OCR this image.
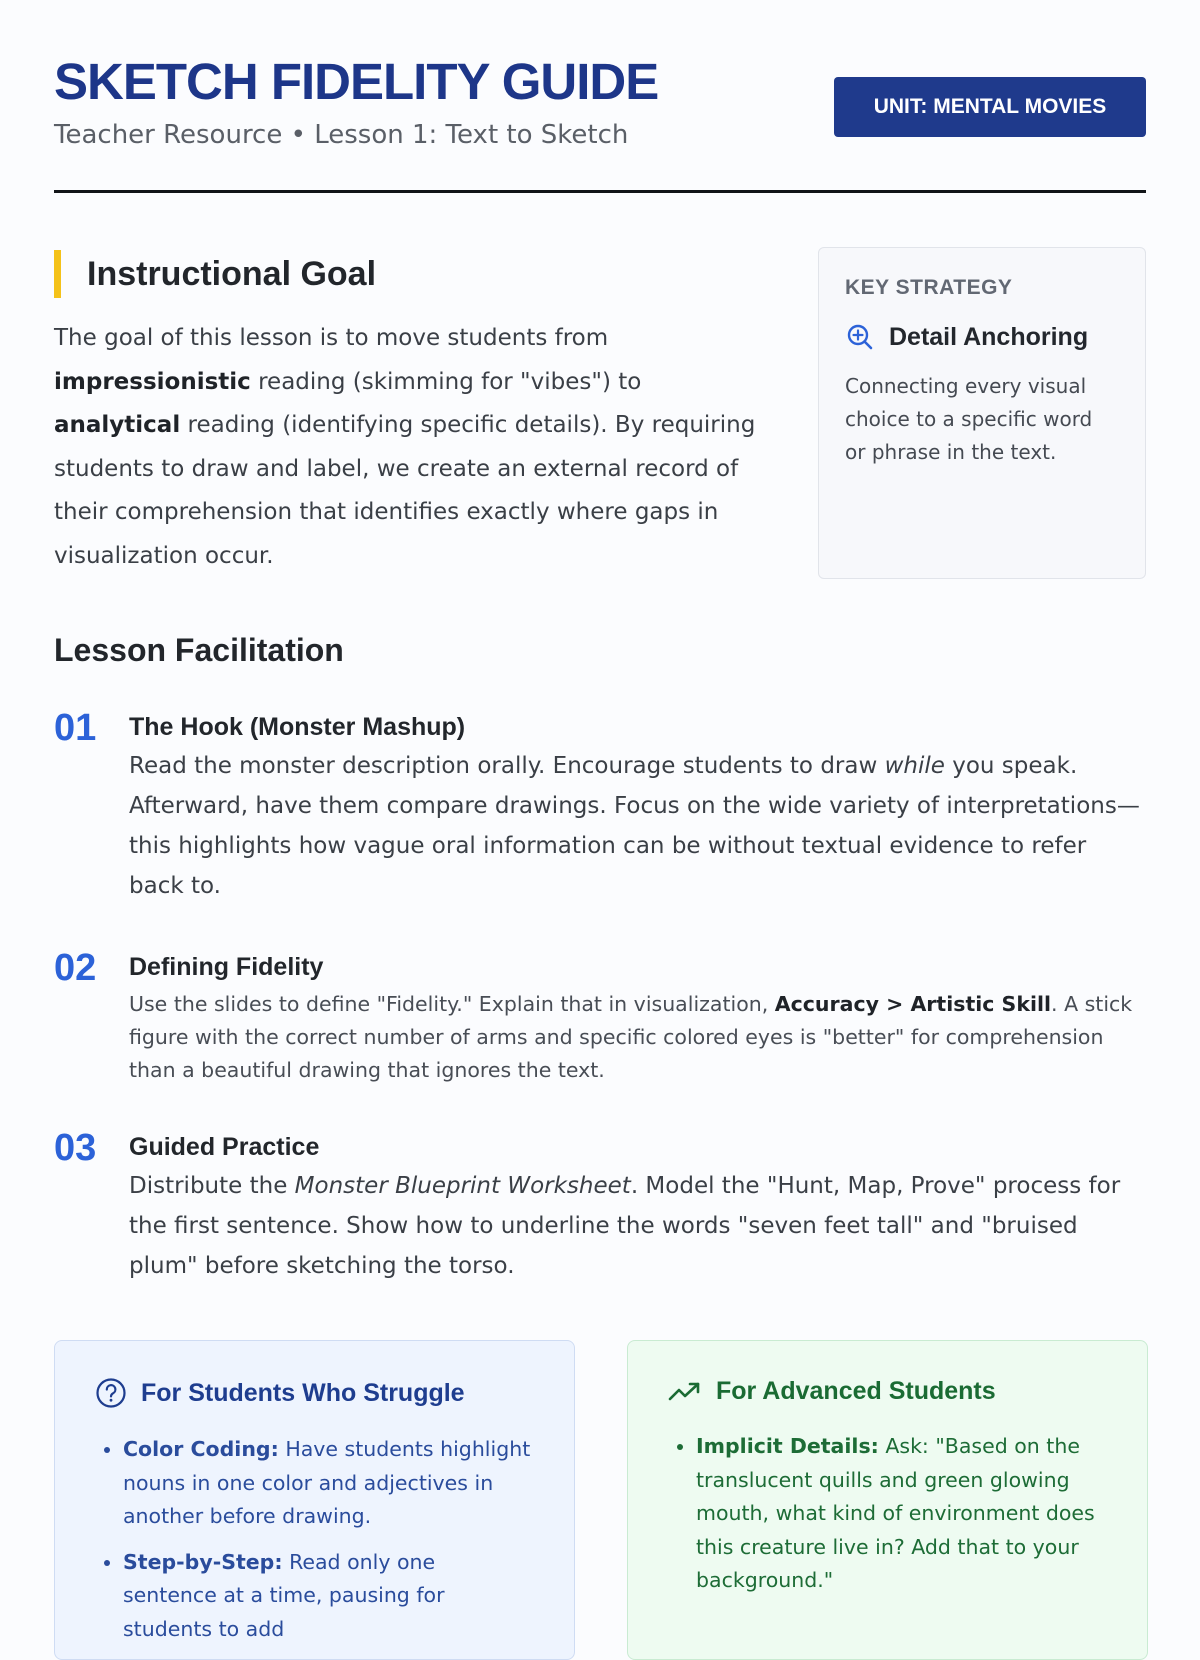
SKETCH FIDELITY GUIDE
Teacher Resource • Lesson 1: Text to Sketch
UNIT: MENTAL MOVIES
Instructional Goal

The goal of this lesson is to move students from impressionistic reading (skimming for "vibes") to analytical reading (identifying specific details). By requiring students to draw and label, we create an external record of their comprehension that identifies exactly where gaps in visualization occur.

KEY STRATEGY
Detail Anchoring
Connecting every visual choice to a specific word or phrase in the text.
Lesson Facilitation
01 The Hook (Monster Mashup)
Read the monster description orally. Encourage students to draw while you speak. Afterward, have them compare drawings. Focus on the wide variety of interpretations—this highlights how vague oral information can be without textual evidence to refer back to.
02 Defining Fidelity
Use the slides to define "Fidelity." Explain that in visualization, Accuracy > Artistic Skill. A stick figure with the correct number of arms and specific colored eyes is "better" for comprehension than a beautiful drawing that ignores the text.
03 Guided Practice
Distribute the Monster Blueprint Worksheet. Model the "Hunt, Map, Prove" process for the first sentence. Show how to underline the words "seven feet tall" and "bruised plum" before sketching the torso.
For Students Who Struggle
• Color Coding: Have students highlight nouns in one color and adjectives in another before drawing.
• Step-by-Step: Read only one sentence at a time, pausing for students to add
For Advanced Students
• Implicit Details: Ask: "Based on the translucent quills and green glowing mouth, what kind of environment does this creature live in? Add that to your background."
